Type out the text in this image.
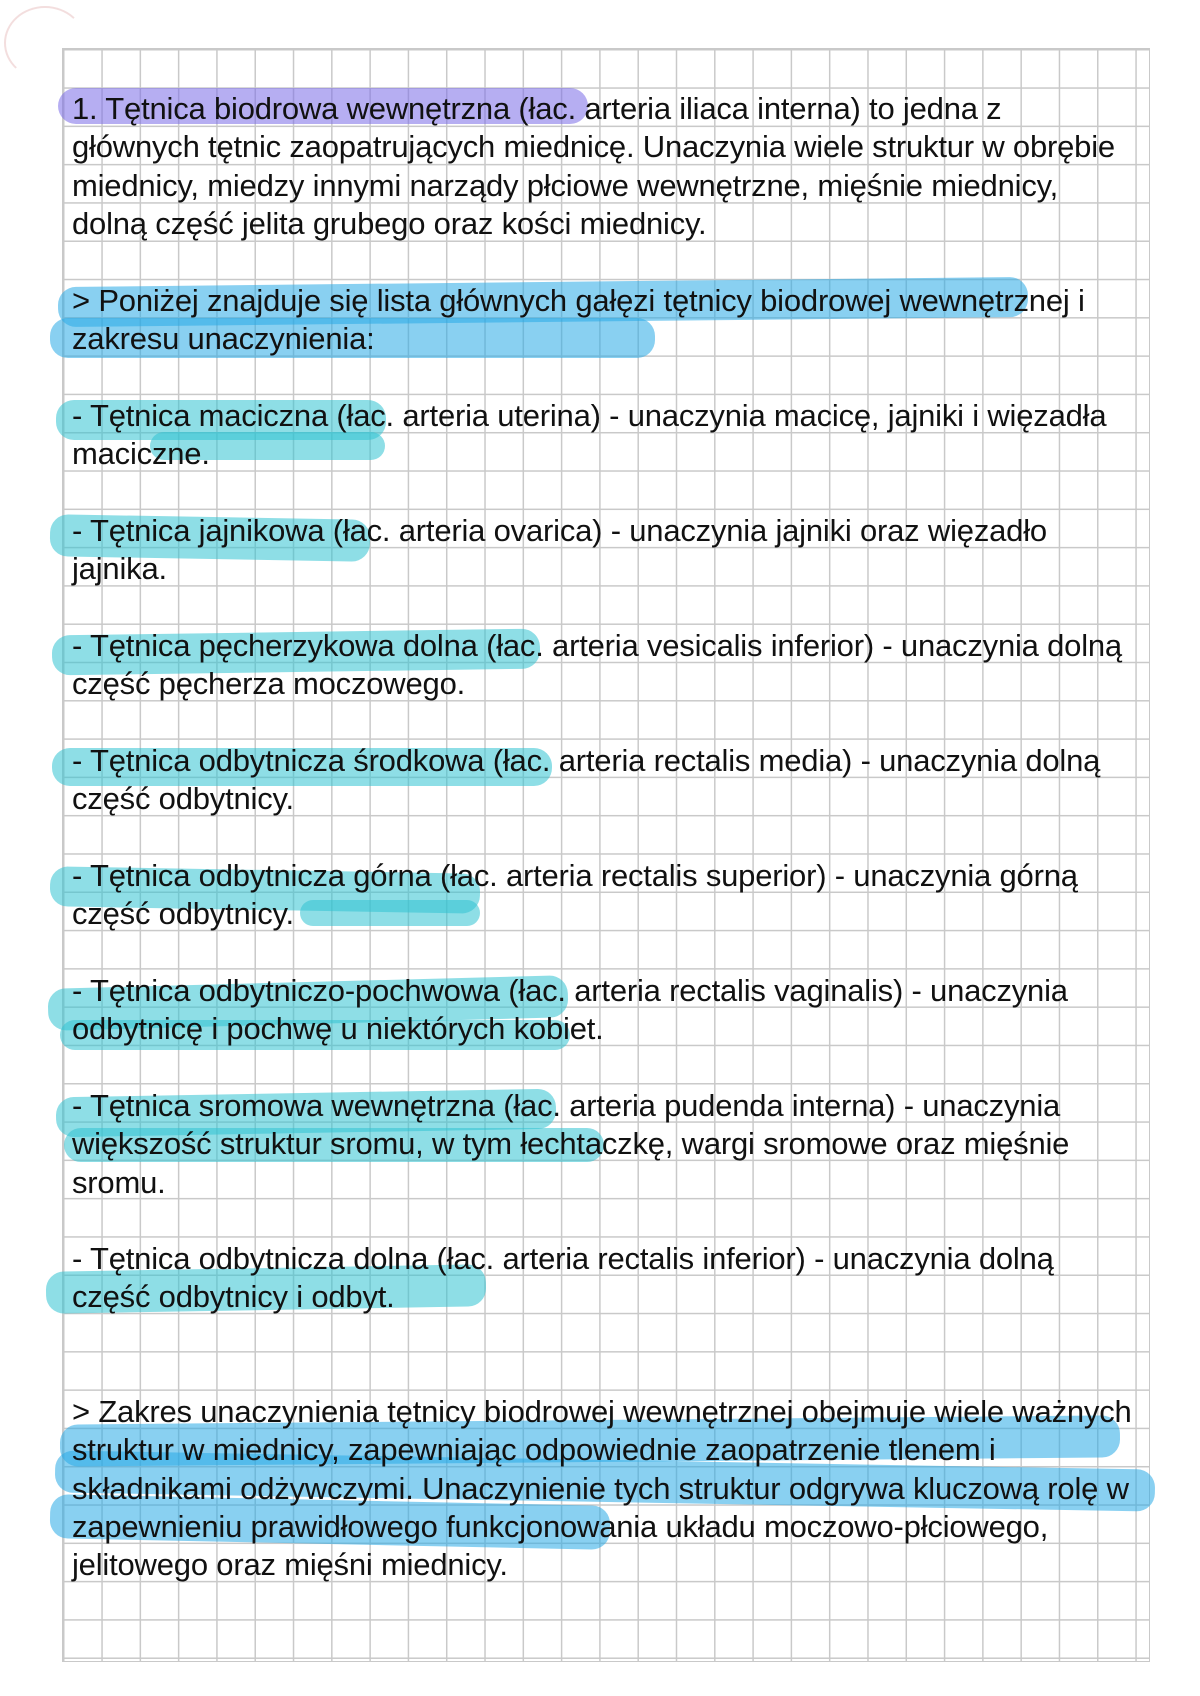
1. Tętnica biodrowa wewnętrzna (łac. arteria iliaca interna) to jedna z głównych tętnic zaopatrujących miednicę. Unaczynia wiele struktur w obrębie miednicy, miedzy innymi narządy płciowe wewnętrzne, mięśnie miednicy, dolną część jelita grubego oraz kości miednicy.
> Poniżej znajduje się lista głównych gałęzi tętnicy biodrowej wewnętrznej i zakresu unaczynienia:
- Tętnica maciczna (łac. arteria uterina) - unaczynia macicę, jajniki i więzadła maciczne.
- Tętnica jajnikowa (łac. arteria ovarica) - unaczynia jajniki oraz więzadło jajnika.
- Tętnica pęcherzykowa dolna (łac. arteria vesicalis inferior) - unaczynia dolną część pęcherza moczowego.
- Tętnica odbytnicza środkowa (łac. arteria rectalis media) - unaczynia dolną część odbytnicy.
- Tętnica odbytnicza górna (łac. arteria rectalis superior) - unaczynia górną część odbytnicy.
- Tętnica odbytniczo-pochwowa (łac. arteria rectalis vaginalis) - unaczynia odbytnicę i pochwę u niektórych kobiet.
- Tętnica sromowa wewnętrzna (łac. arteria pudenda interna) - unaczynia większość struktur sromu, w tym łechtaczkę, wargi sromowe oraz mięśnie sromu.
- Tętnica odbytnicza dolna (łac. arteria rectalis inferior) - unaczynia dolną część odbytnicy i odbyt.
> Zakres unaczynienia tętnicy biodrowej wewnętrznej obejmuje wiele ważnych struktur w miednicy, zapewniając odpowiednie zaopatrzenie tlenem i składnikami odżywczymi. Unaczynienie tych struktur odgrywa kluczową rolę w zapewnieniu prawidłowego funkcjonowania układu moczowo-płciowego, jelitowego oraz mięśni miednicy.
